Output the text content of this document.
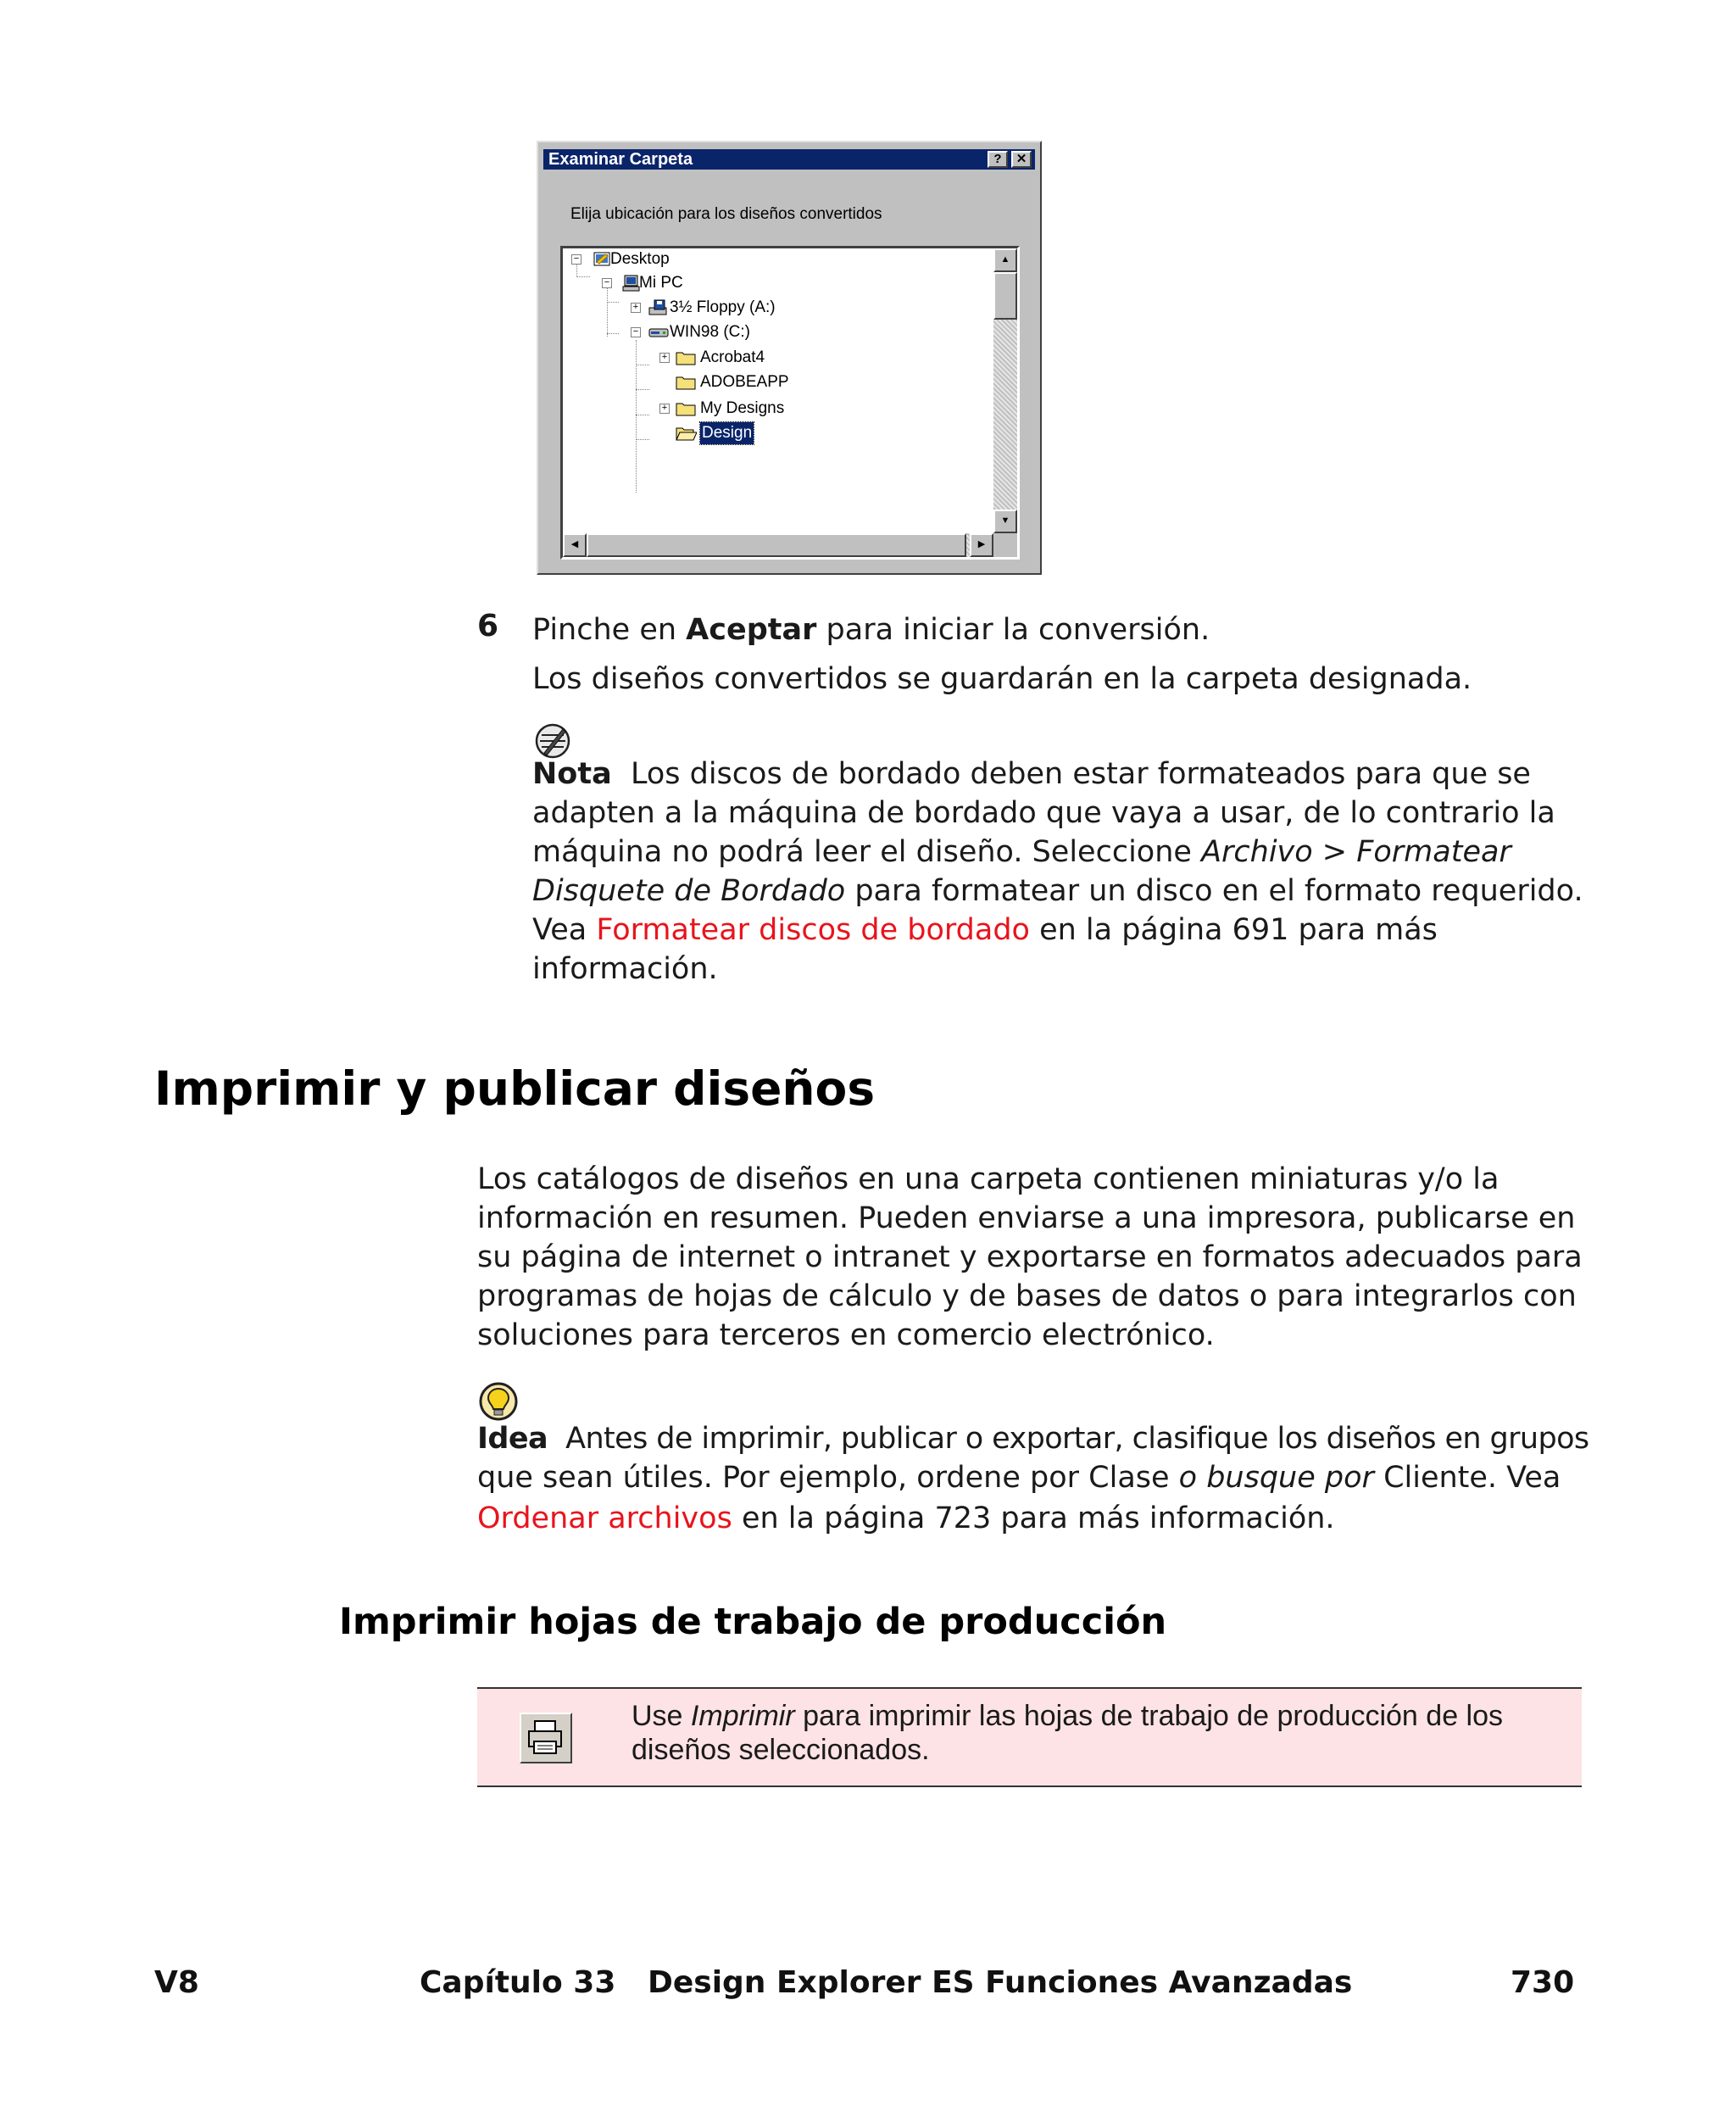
Examinar Carpeta	?	✕
Elija ubicación para los diseños convertidos
− Desktop
− Mi PC
+ 3½ Floppy (A:)
− WIN98 (C:)
+ Acrobat4
ADOBEAPP
+ My Designs
Design
▲
▼
◀	▶
6 Pinche en Aceptar para iniciar la conversión.
Los diseños convertidos se guardarán en la carpeta designada.
Nota Los discos de bordado deben estar formateados para que se
adapten a la máquina de bordado que vaya a usar, de lo contrario la
máquina no podrá leer el diseño. Seleccione Archivo > Formatear
Disquete de Bordado para formatear un disco en el formato requerido.
Vea Formatear discos de bordado en la página 691 para más
información.
Imprimir y publicar diseños
Los catálogos de diseños en una carpeta contienen miniaturas y/o la
información en resumen. Pueden enviarse a una impresora, publicarse en
su página de internet o intranet y exportarse en formatos adecuados para
programas de hojas de cálculo y de bases de datos o para integrarlos con
soluciones para terceros en comercio electrónico.
Idea Antes de imprimir, publicar o exportar, clasifique los diseños en grupos
que sean útiles. Por ejemplo, ordene por Clase o busque por Cliente. Vea
Ordenar archivos en la página 723 para más información.
Imprimir hojas de trabajo de producción
Use Imprimir para imprimir las hojas de trabajo de producción de los
diseños seleccionados.
V8	Capítulo 33   Design Explorer ES Funciones Avanzadas	730
